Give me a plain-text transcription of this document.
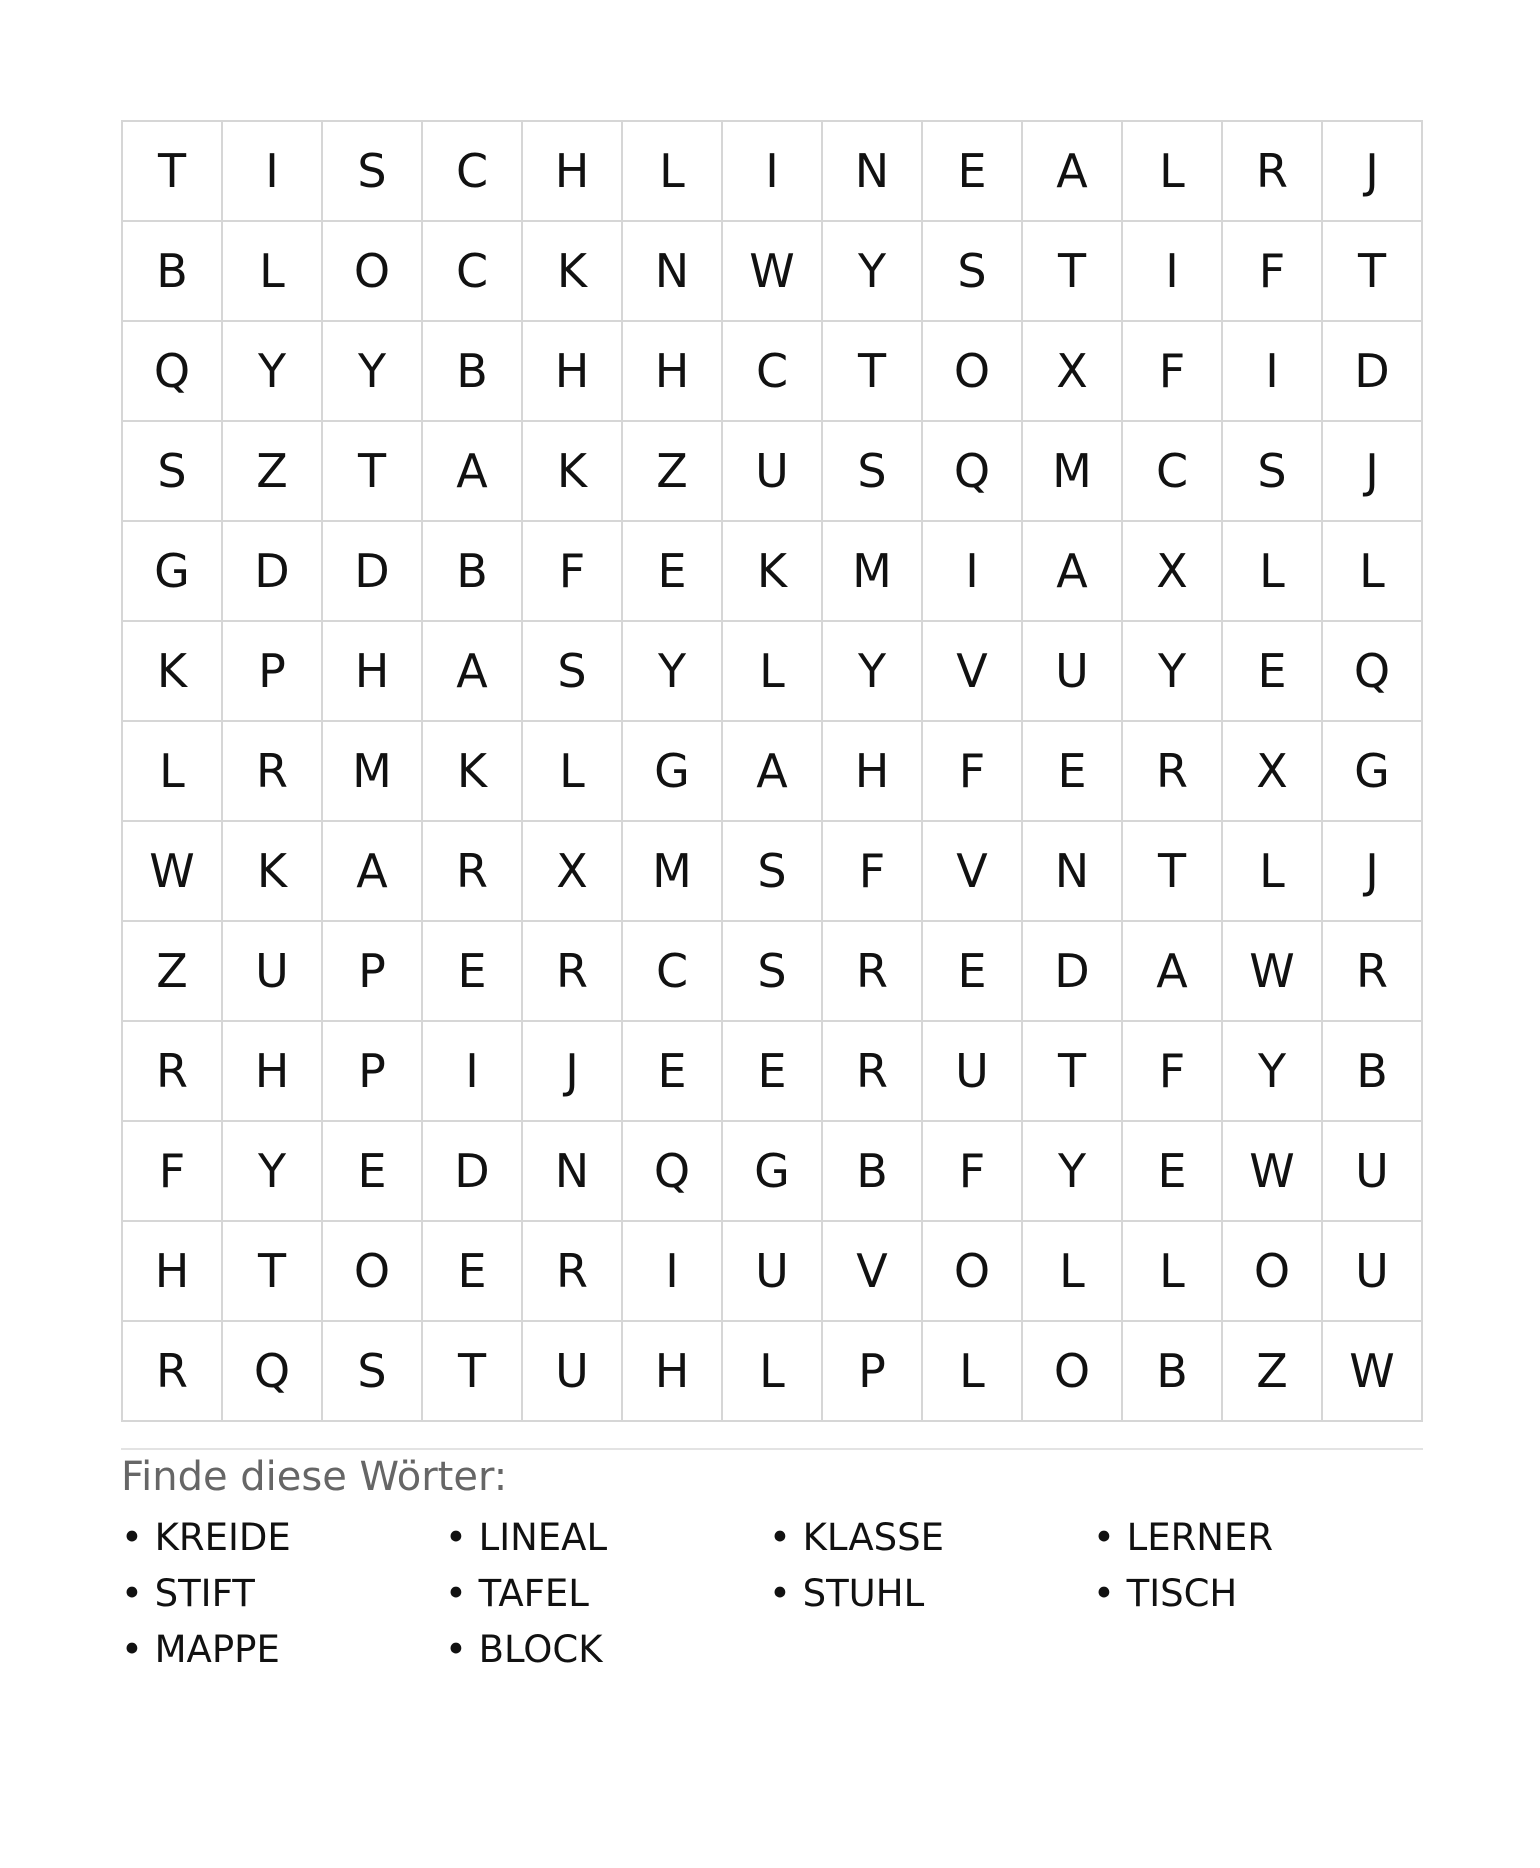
T	I	S	C	H	L	I	N	E	A	L	R	J
B	L	O	C	K	N	W	Y	S	T	I	F	T
Q	Y	Y	B	H	H	C	T	O	X	F	I	D
S	Z	T	A	K	Z	U	S	Q	M	C	S	J
G	D	D	B	F	E	K	M	I	A	X	L	L
K	P	H	A	S	Y	L	Y	V	U	Y	E	Q
L	R	M	K	L	G	A	H	F	E	R	X	G
W	K	A	R	X	M	S	F	V	N	T	L	J
Z	U	P	E	R	C	S	R	E	D	A	W	R
R	H	P	I	J	E	E	R	U	T	F	Y	B
F	Y	E	D	N	Q	G	B	F	Y	E	W	U
H	T	O	E	R	I	U	V	O	L	L	O	U
R	Q	S	T	U	H	L	P	L	O	B	Z	W
Finde diese Wörter:
• KREIDE	• LINEAL	• KLASSE	• LERNER
• STIFT	• TAFEL	• STUHL	• TISCH
• MAPPE	• BLOCK
